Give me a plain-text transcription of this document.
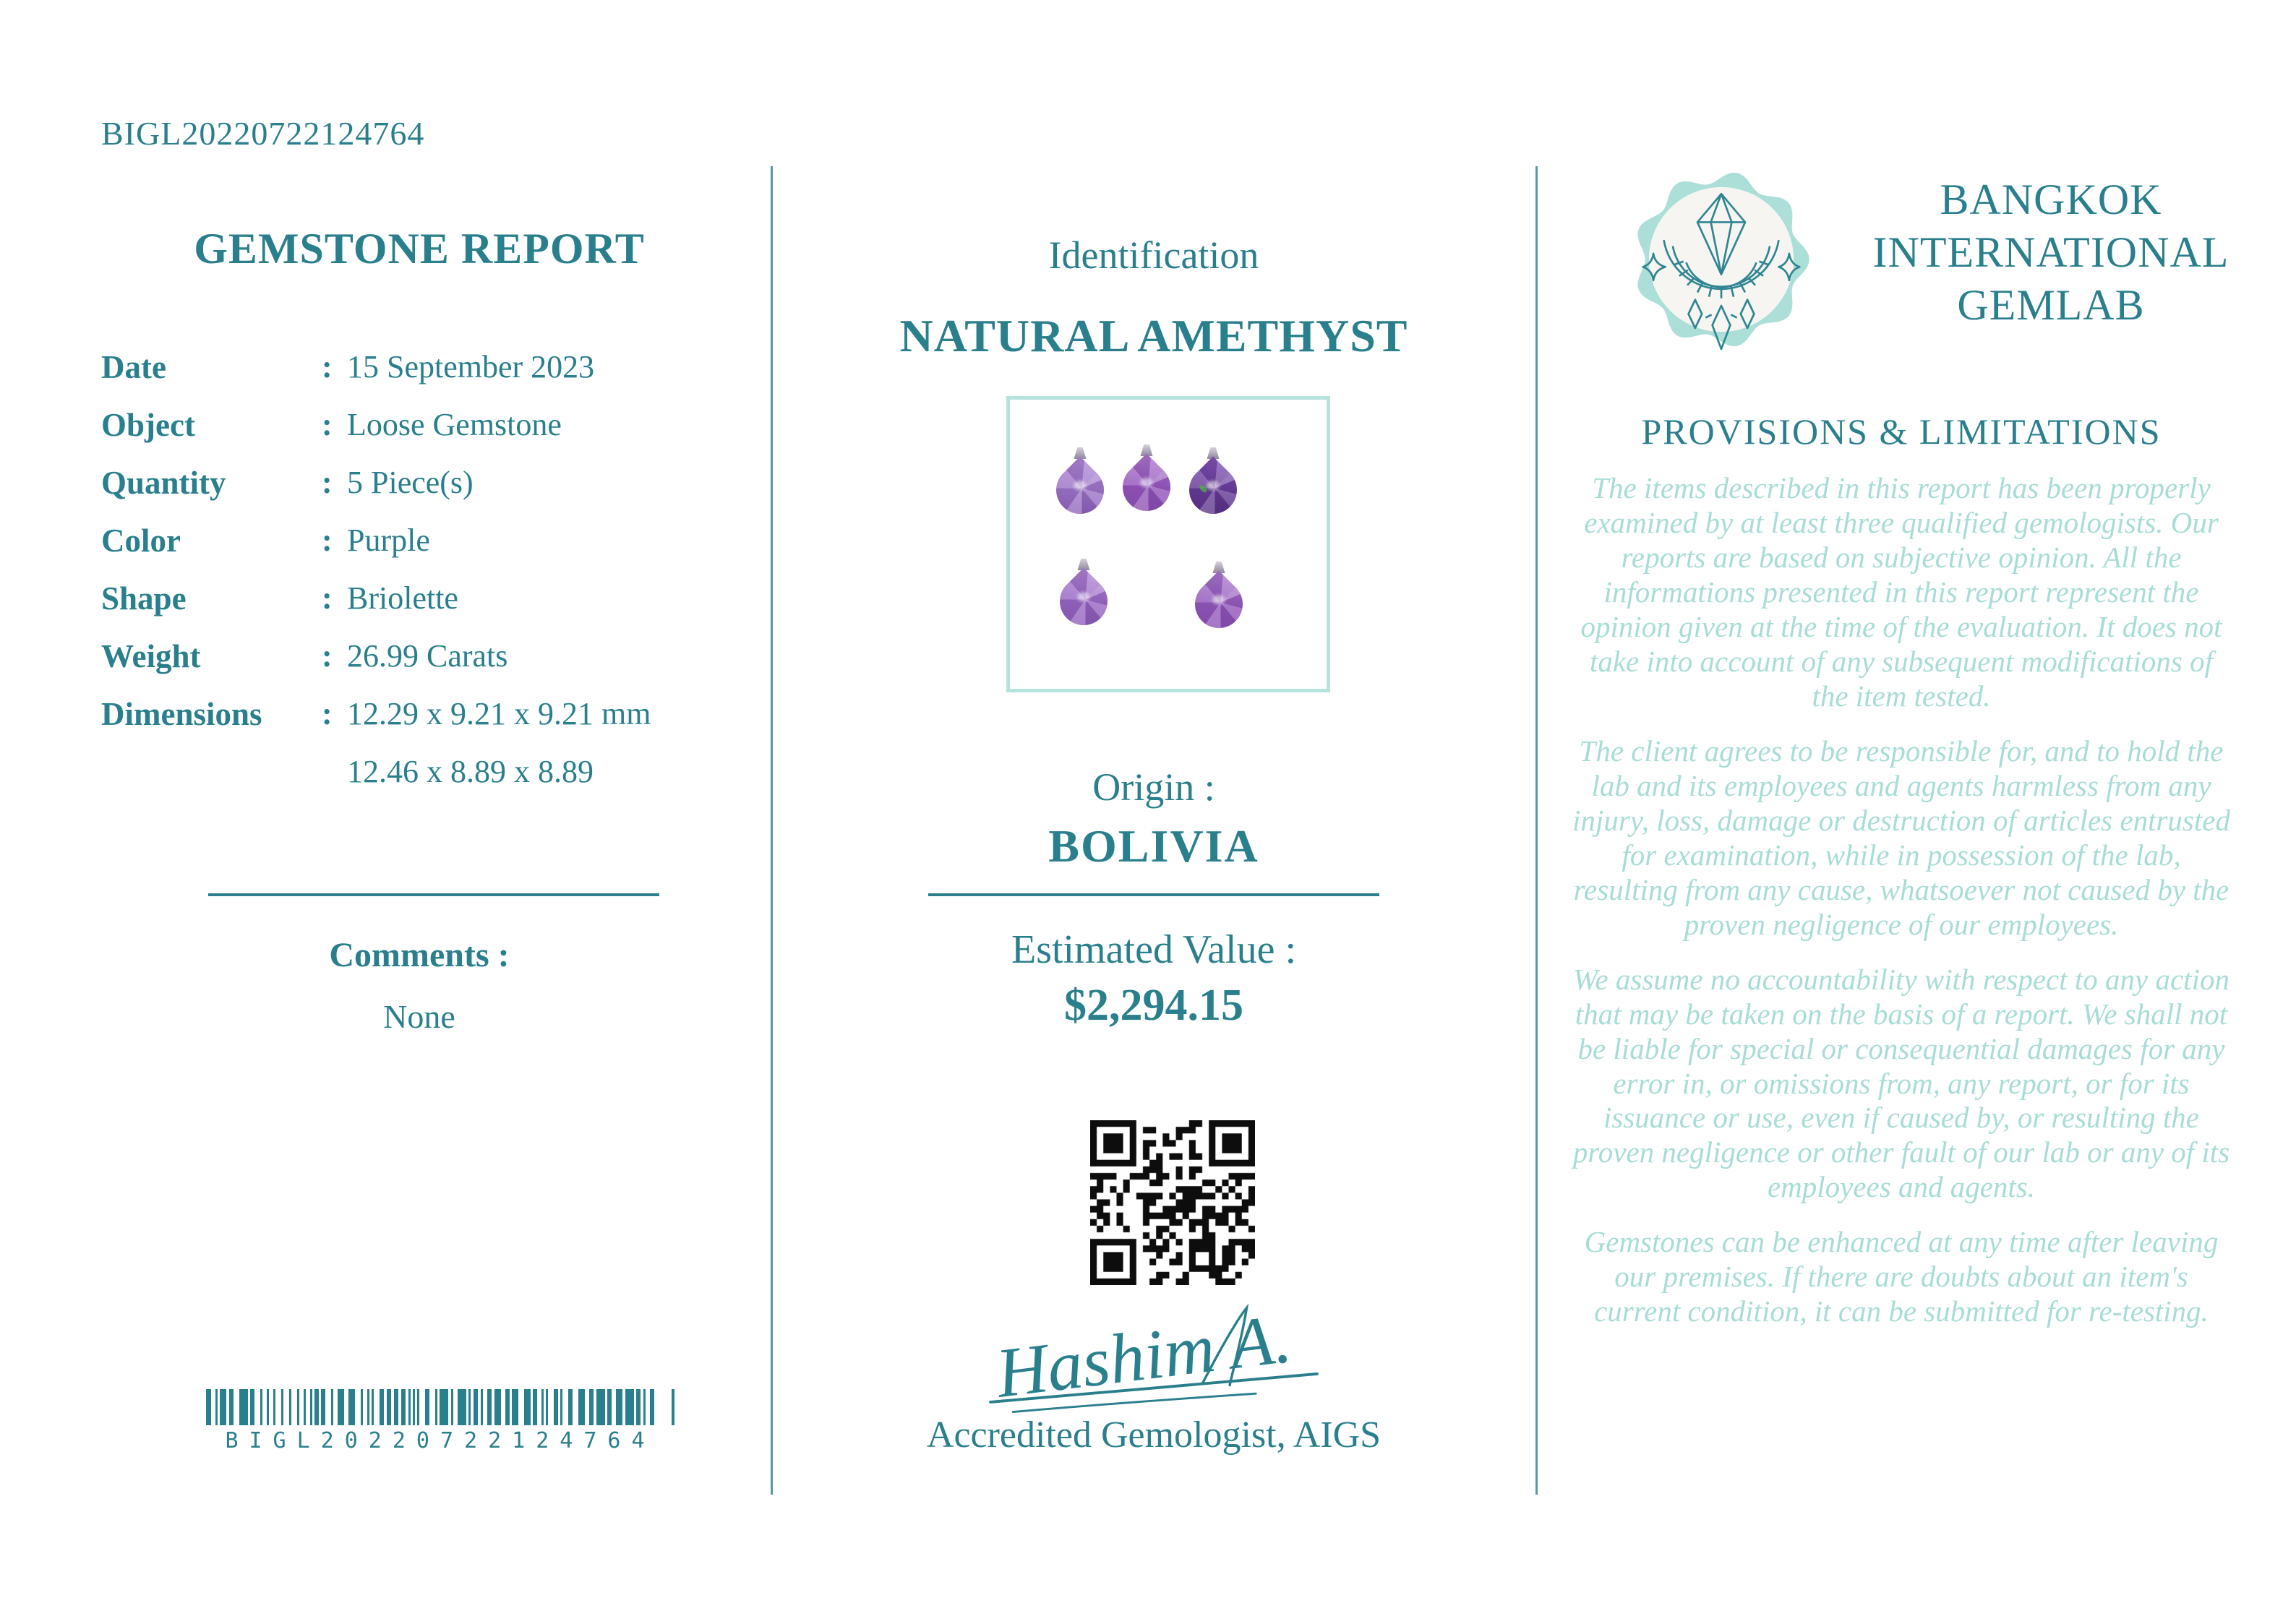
BIGL20220722124764
GEMSTONE REPORT
Date	: 15 September 2023
Object	: Loose Gemstone
Quantity	: 5 Piece(s)
Color	: Purple
Shape	: Briolette
Weight	: 26.99 Carats
Dimensions	: 12.29 x 9.21 x 9.21 mm
12.46 x 8.89 x 8.89
Comments :
None
BIGL20220722124764
Identification
NATURAL AMETHYST
Origin :
BOLIVIA
Estimated Value :
$2,294.15
Hashim A.
Accredited Gemologist, AIGS
BANGKOK
INTERNATIONAL
GEMLAB
PROVISIONS & LIMITATIONS

The items described in this report has been properly examined by at least three qualified gemologists. Our reports are based on subjective opinion. All the informations presented in this report represent the opinion given at the time of the evaluation. It does not take into account of any subsequent modifications of the item tested.

The client agrees to be responsible for, and to hold the lab and its employees and agents harmless from any injury, loss, damage or destruction of articles entrusted for examination, while in possession of the lab, resulting from any cause, whatsoever not caused by the proven negligence of our employees.

We assume no accountability with respect to any action that may be taken on the basis of a report. We shall not be liable for special or consequential damages for any error in, or omissions from, any report, or for its issuance or use, even if caused by, or resulting the proven negligence or other fault of our lab or any of its employees and agents.

Gemstones can be enhanced at any time after leaving our premises. If there are doubts about an item's current condition, it can be submitted for re-testing.
